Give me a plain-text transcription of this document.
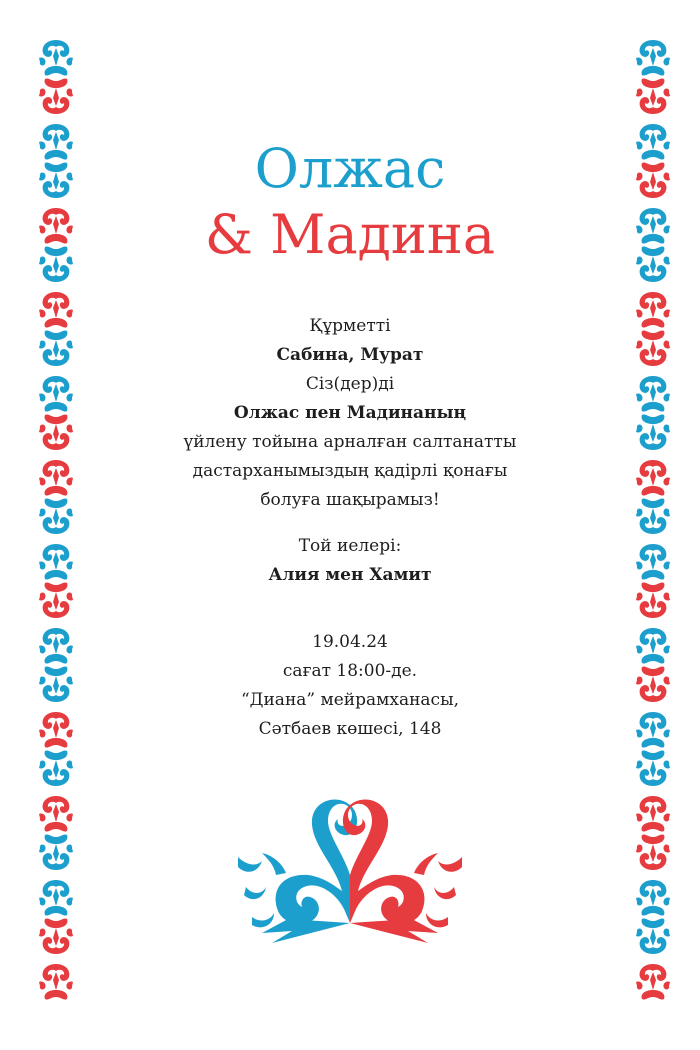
Олжас
& Мадина
Құрметті
Сабина, Мурат
Сіз(дер)ді
Олжас пен Мадинаның
үйлену тойына арналған салтанатты
дастарханымыздың қадірлі қонағы
болуға шақырамыз!
Той иелері:
Алия мен Хамит
19.04.24
сағат 18:00-де.
“Диана” мейрамханасы,
Сәтбаев көшесі, 148
